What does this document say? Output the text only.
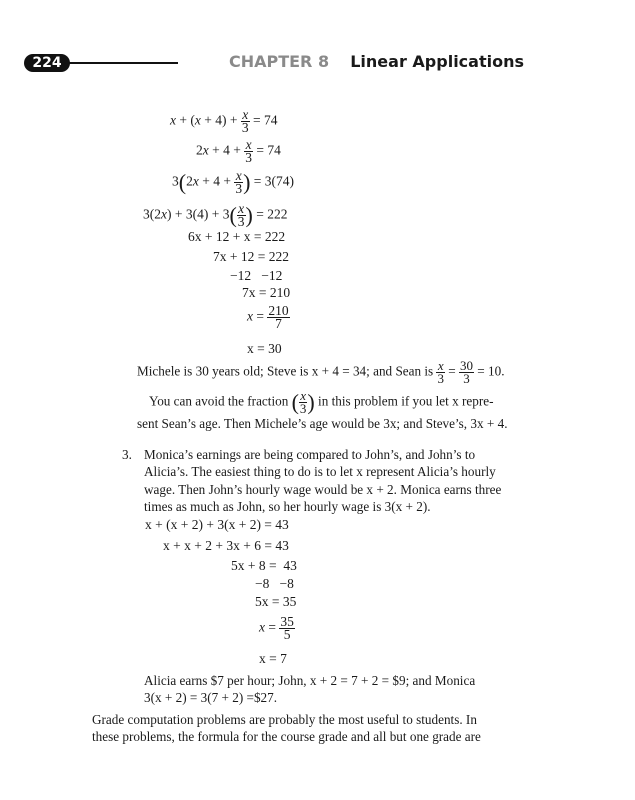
224	CHAPTER 8 Linear Applications
$x + (x + 4) + \frac{x}{3} = 74$
$2x + 4 + \frac{x}{3} = 74$
$3(2x + 4 + \frac{x}{3}$ ) = 3(74)
$3(2x) + 3(4) + 3( \frac{x}{3}$ ) = 222
6x + 12 + x = 222
7x + 12 = 222
−12 −12
7x = 210
$x = \frac{210}{7}$
x = 30
Michele is 30 years old; Steve is x + 4 = 34; and Sean is $\frac{x}{3} = \frac{30}{3} = 10$.
You can avoid the fraction ( $\frac{x}{3}$ ) in this problem if you let x repre-
sent Sean’s age. Then Michele’s age would be 3x; and Steve’s, 3x + 4.
3. Monica’s earnings are being compared to John’s, and John’s to
Alicia’s. The easiest thing to do is to let x represent Alicia’s hourly
wage. Then John’s hourly wage would be x + 2. Monica earns three
times as much as John, so her hourly wage is 3(x + 2).
x + (x + 2) + 3(x + 2) = 43
x + x + 2 + 3x + 6 = 43
5x + 8 = 43
−8 −8
5x = 35
$x = \frac{35}{5}$
x = 7
Alicia earns $7 per hour; John, x + 2 = 7 + 2 = $9; and Monica
3(x + 2) = 3(7 + 2) =$27.
Grade computation problems are probably the most useful to students. In
these problems, the formula for the course grade and all but one grade are
